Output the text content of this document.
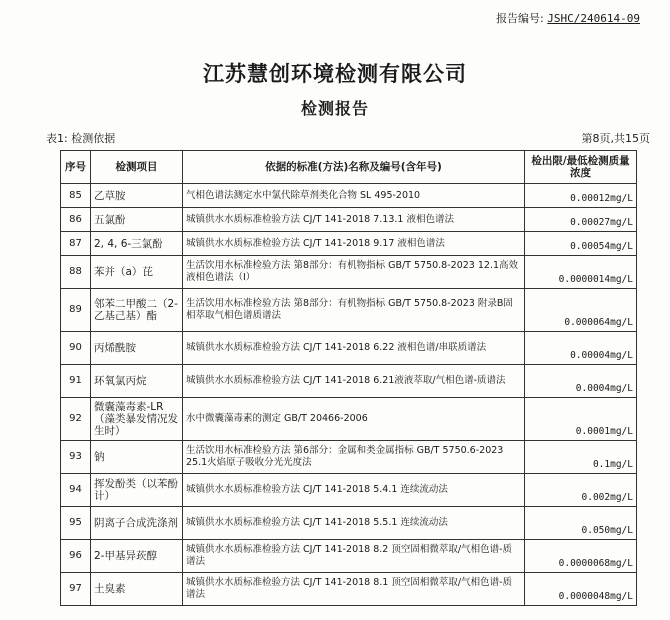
报告编号: JSHC/240614-09
江苏慧创环境检测有限公司
检测报告
表1: 检测依据	第8页,共15页
序号	检测项目	依据的标准(方法)名称及编号(含年号)	检出限/最低检测质量浓度
85	乙草胺	气相色谱法测定水中氯代除草剂类化合物 SL 495-2010	0.00012mg/L
86	五氯酚	城镇供水水质标准检验方法 CJ/T 141-2018 7.13.1 液相色谱法	0.00027mg/L
87	2, 4, 6-三氯酚	城镇供水水质标准检验方法 CJ/T 141-2018 9.17 液相色谱法	0.00054mg/L
88	苯并（a）芘	生活饮用水标准检验方法 第8部分：有机物指标 GB/T 5750.8-2023 12.1高效液相色谱法（I）	0.0000014mg/L
89	邻苯二甲酸二（2-乙基己基）酯	生活饮用水标准检验方法 第8部分：有机物指标 GB/T 5750.8-2023 附录B固相萃取气相色谱质谱法	0.000064mg/L
90	丙烯酰胺	城镇供水水质标准检验方法 CJ/T 141-2018 6.22 液相色谱/串联质谱法	0.00004mg/L
91	环氧氯丙烷	城镇供水水质标准检验方法 CJ/T 141-2018 6.21液液萃取/气相色谱-质谱法	0.0004mg/L
92	微囊藻毒素-LR（藻类暴发情况发生时）	水中微囊藻毒素的测定 GB/T 20466-2006	0.0001mg/L
93	钠	生活饮用水标准检验方法 第6部分：金属和类金属指标 GB/T 5750.6-2023 25.1火焰原子吸收分光光度法	0.1mg/L
94	挥发酚类（以苯酚计）	城镇供水水质标准检验方法 CJ/T 141-2018 5.4.1 连续流动法	0.002mg/L
95	阴离子合成洗涤剂	城镇供水水质标准检验方法 CJ/T 141-2018 5.5.1 连续流动法	0.050mg/L
96	2-甲基异莰醇	城镇供水水质标准检验方法 CJ/T 141-2018 8.2 顶空固相微萃取/气相色谱-质谱法	0.0000068mg/L
97	土臭素	城镇供水水质标准检验方法 CJ/T 141-2018 8.1 顶空固相微萃取/气相色谱-质谱法	0.0000048mg/L
